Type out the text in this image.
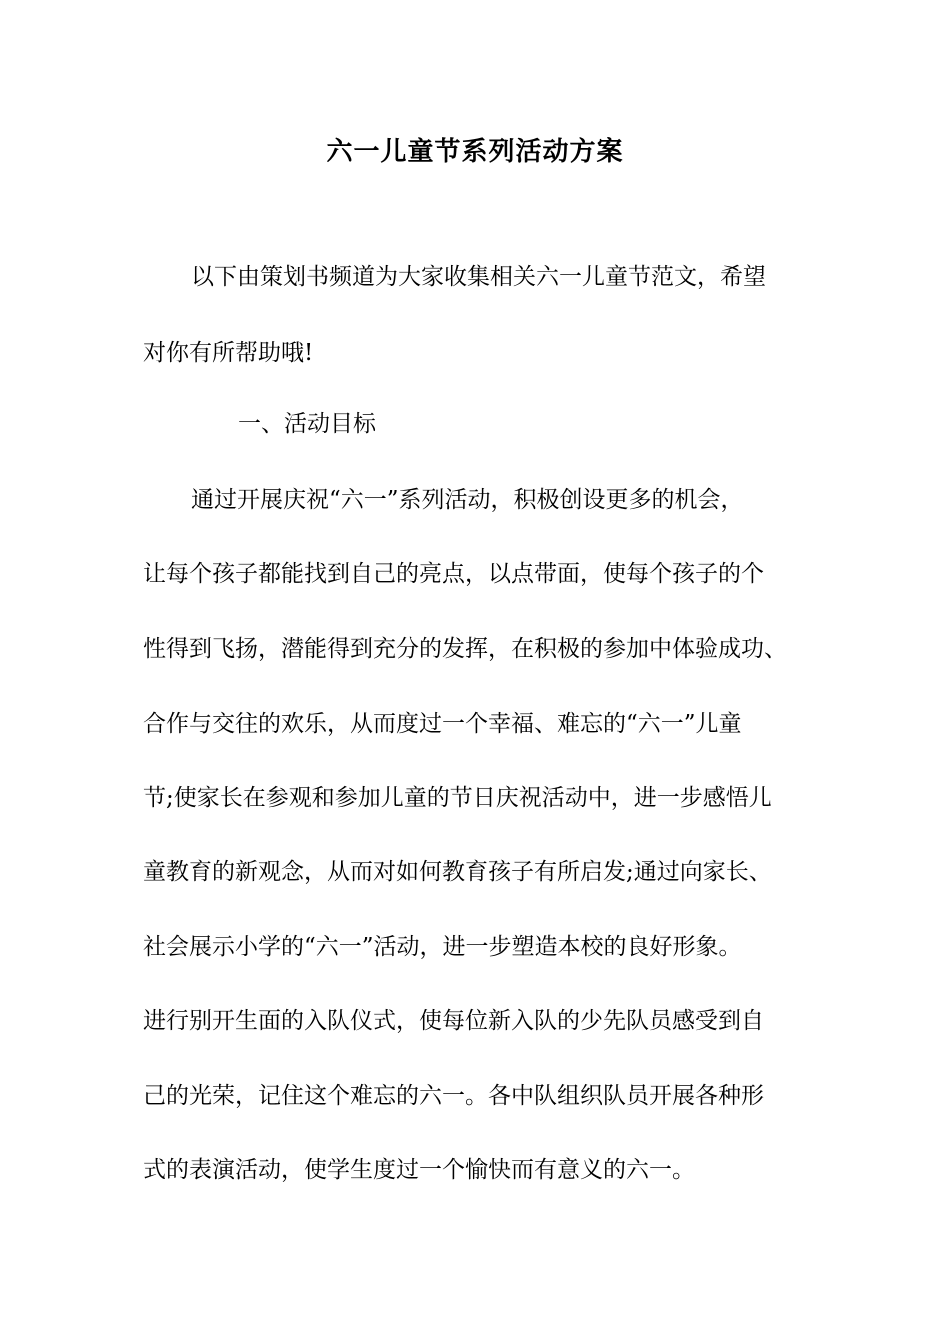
六一儿童节系列活动方案
以下由策划书频道为大家收集相关六一儿童节范文，希望
对你有所帮助哦!
一、活动目标
通过开展庆祝“六一”系列活动，积极创设更多的机会，
让每个孩子都能找到自己的亮点，以点带面，使每个孩子的个
性得到飞扬，潜能得到充分的发挥，在积极的参加中体验成功、
合作与交往的欢乐，从而度过一个幸福、难忘的“六一”儿童
节;使家长在参观和参加儿童的节日庆祝活动中，进一步感悟儿
童教育的新观念，从而对如何教育孩子有所启发;通过向家长、
社会展示小学的“六一”活动，进一步塑造本校的良好形象。
进行别开生面的入队仪式，使每位新入队的少先队员感受到自
己的光荣，记住这个难忘的六一。各中队组织队员开展各种形
式的表演活动，使学生度过一个愉快而有意义的六一。
